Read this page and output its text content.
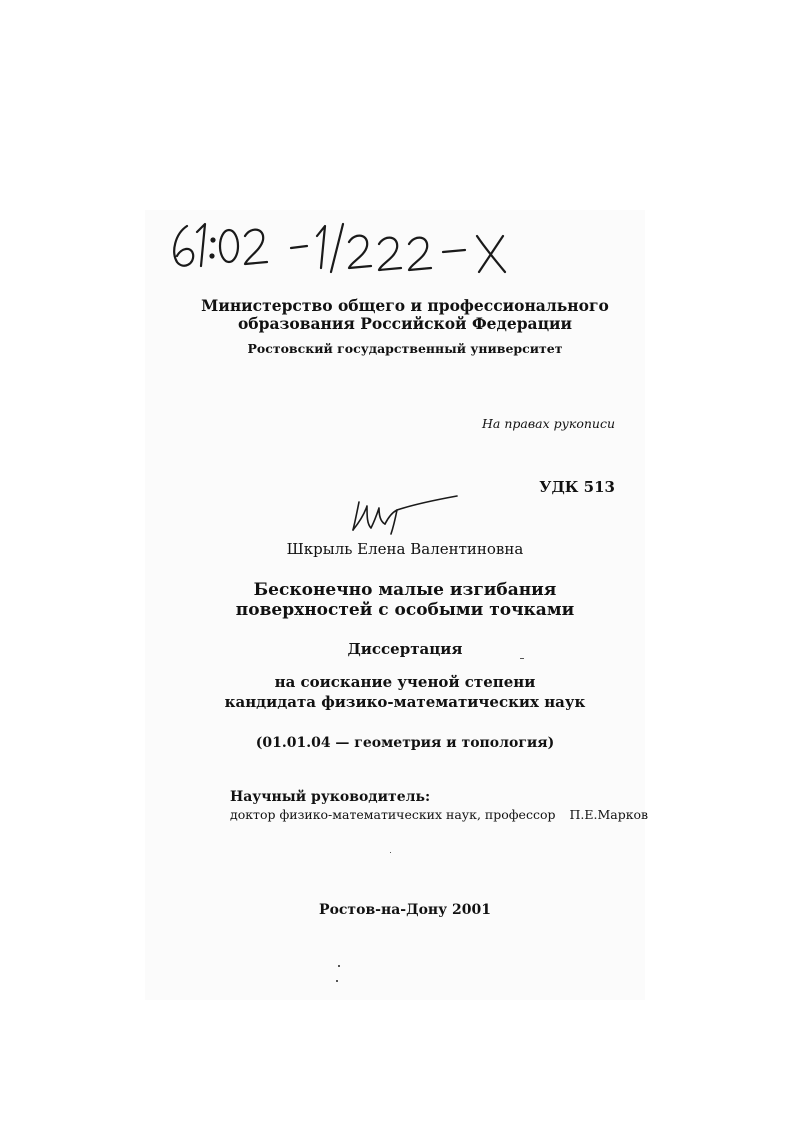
Министерство общего и профессионального
образования Российской Федерации

Ростовский государственный университет

На правах рукописи
УДК 513

Шкрыль Елена Валентиновна

Бесконечно малые изгибания
поверхностей с особыми точками

Диссертация

на соискание ученой степени
кандидата физико-математических наук

(01.01.04 — геометрия и топология)

Научный руководитель:
доктор физико-математических наук, профессор П.Е.Марков

Ростов-на-Дону 2001
